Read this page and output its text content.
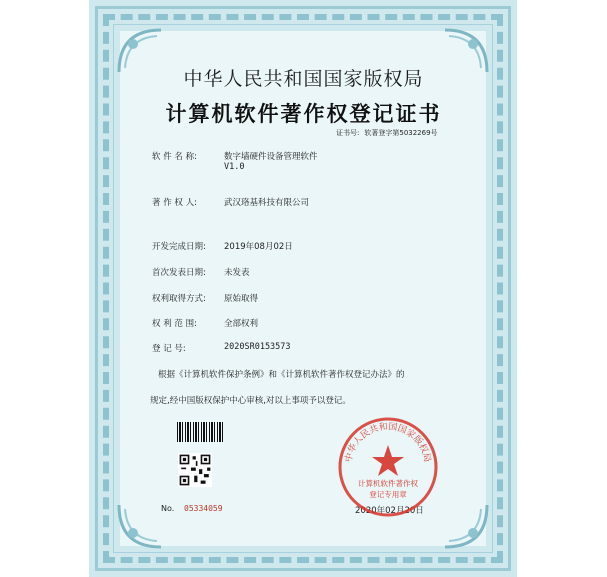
中华人民共和国国家版权局
计算机软件著作权登记证书
证书号: 软著登字第5032269号
软 件 名 称:	数字墙硬件设备管理软件
V1.0
著 作 权 人:	武汉珞基科技有限公司
开发完成日期: 2019年08月02日
首次发表日期: 未发表
权利取得方式: 原始取得
权 利 范 围:	全部权利
登 记 号:	2020SR0153573
根据《计算机软件保护条例》和《计算机软件著作权登记办法》的
规定,经中国版权保护中心审核,对以上事项予以登记。
No. 05334059	2020年02月20日
中华人民共和国国家版权局
计算机软件著作权
登记专用章
